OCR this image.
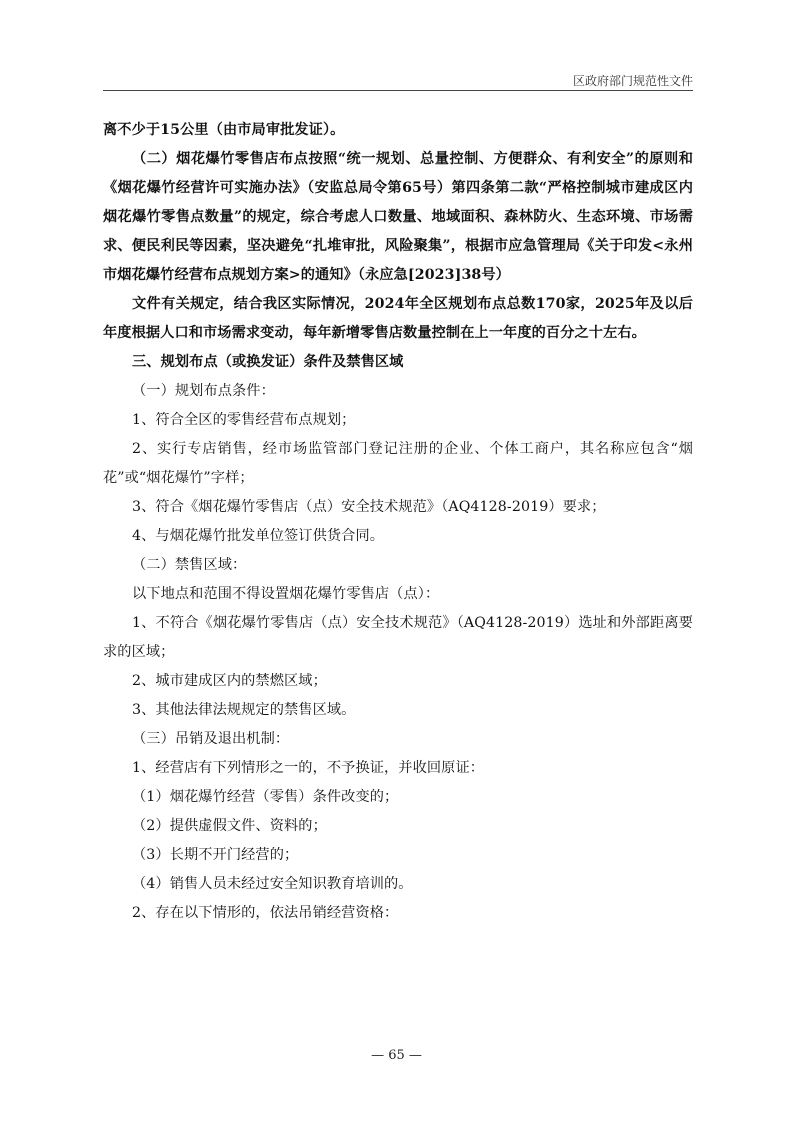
区政府部门规范性文件

离不少于15公里（由市局审批发证）。

（二）烟花爆竹零售店布点按照“统一规划、总量控制、方便群众、有利安全”的原则和《烟花爆竹经营许可实施办法》（安监总局令第65号）第四条第二款“严格控制城市建成区内烟花爆竹零售点数量”的规定，综合考虑人口数量、地域面积、森林防火、生态环境、市场需求、便民利民等因素，坚决避免“扎堆审批，风险聚集”，根据市应急管理局《关于印发<永州市烟花爆竹经营布点规划方案>的通知》（永应急[2023]38号）

文件有关规定，结合我区实际情况，2024年全区规划布点总数170家，2025年及以后年度根据人口和市场需求变动，每年新增零售店数量控制在上一年度的百分之十左右。

三、规划布点（或换发证）条件及禁售区域

（一）规划布点条件：

1、符合全区的零售经营布点规划；

2、实行专店销售，经市场监管部门登记注册的企业、个体工商户，其名称应包含“烟花”或“烟花爆竹”字样；

3、符合《烟花爆竹零售店（点）安全技术规范》（AQ4128-2019）要求；

4、与烟花爆竹批发单位签订供货合同。

（二）禁售区域：

以下地点和范围不得设置烟花爆竹零售店（点）：

1、不符合《烟花爆竹零售店（点）安全技术规范》（AQ4128-2019）选址和外部距离要求的区域；

2、城市建成区内的禁燃区域；

3、其他法律法规规定的禁售区域。

（三）吊销及退出机制：

1、经营店有下列情形之一的，不予换证，并收回原证：

（1）烟花爆竹经营（零售）条件改变的；

（2）提供虚假文件、资料的；

（3）长期不开门经营的；

（4）销售人员未经过安全知识教育培训的。

2、存在以下情形的，依法吊销经营资格：

— 65 —
